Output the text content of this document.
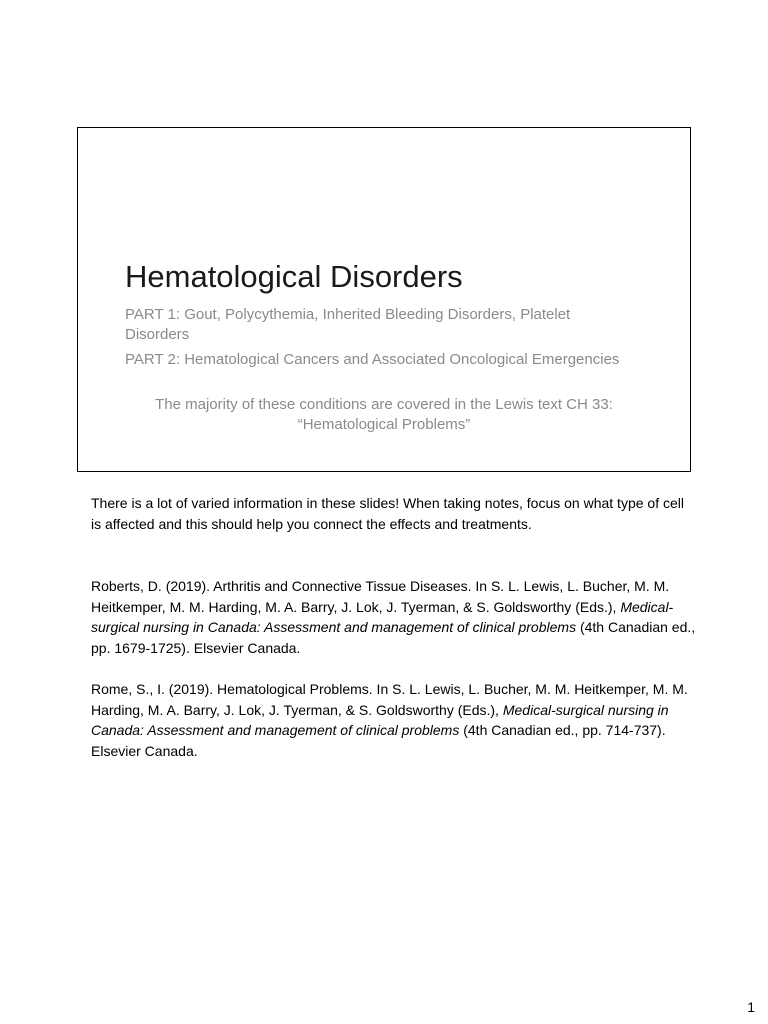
Hematological Disorders
PART 1: Gout, Polycythemia, Inherited Bleeding Disorders, Platelet Disorders
PART 2: Hematological Cancers and Associated Oncological Emergencies
The majority of these conditions are covered in the Lewis text CH 33: “Hematological Problems”

There is a lot of varied information in these slides! When taking notes, focus on what type of cell is affected and this should help you connect the effects and treatments.

Roberts, D. (2019). Arthritis and Connective Tissue Diseases. In S. L. Lewis, L. Bucher, M. M. Heitkemper, M. M. Harding, M. A. Barry, J. Lok, J. Tyerman, & S. Goldsworthy (Eds.), Medical-surgical nursing in Canada: Assessment and management of clinical problems (4th Canadian ed., pp. 1679-1725). Elsevier Canada.

Rome, S., I. (2019). Hematological Problems. In S. L. Lewis, L. Bucher, M. M. Heitkemper, M. M. Harding, M. A. Barry, J. Lok, J. Tyerman, & S. Goldsworthy (Eds.), Medical-surgical nursing in Canada: Assessment and management of clinical problems (4th Canadian ed., pp. 714-737). Elsevier Canada.

1
